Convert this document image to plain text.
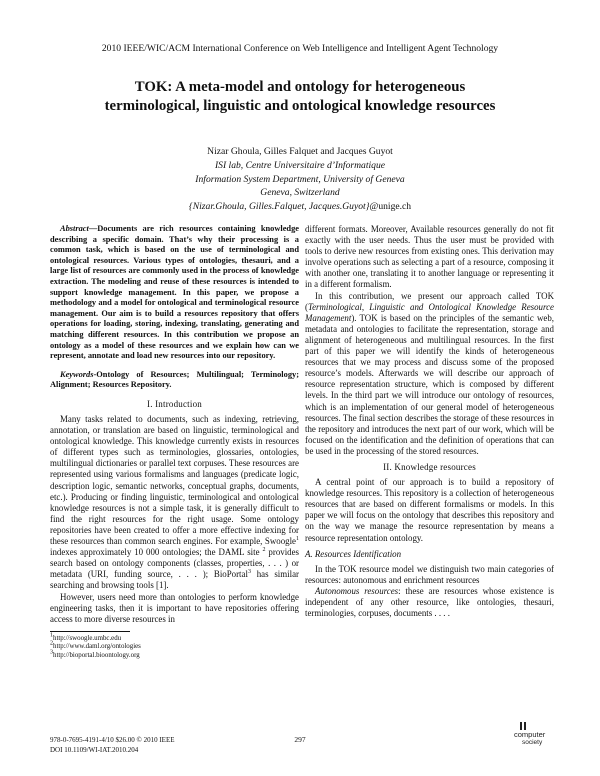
2010 IEEE/WIC/ACM International Conference on Web Intelligence and Intelligent Agent Technology
TOK: A meta-model and ontology for heterogeneous
terminological, linguistic and ontological knowledge resources
Nizar Ghoula, Gilles Falquet and Jacques Guyot
ISI lab, Centre Universitaire d’Informatique
Information System Department, University of Geneva
Geneva, Switzerland
{Nizar.Ghoula, Gilles.Falquet, Jacques.Guyot}@unige.ch

Abstract—Documents are rich resources containing knowledge describing a specific domain. That’s why their processing is a common task, which is based on the use of terminological and ontological resources. Various types of ontologies, thesauri, and a large list of resources are commonly used in the process of knowledge extraction. The modeling and reuse of these resources is intended to support knowledge management. In this paper, we propose a methodology and a model for ontological and terminological resource management. Our aim is to build a resources repository that offers operations for loading, storing, indexing, translating, generating and matching different resources. In this contribution we propose an ontology as a model of these resources and we explain how can we represent, annotate and load new resources into our repository.

Keywords-Ontology of Resources; Multilingual; Terminology; Alignment; Resources Repository.

I. Introduction

Many tasks related to documents, such as indexing, retrieving, annotation, or translation are based on linguistic, terminological and ontological knowledge. This knowledge currently exists in resources of different types such as terminologies, glossaries, ontologies, multilingual dictionaries or parallel text corpuses. These resources are represented using various formalisms and languages (predicate logic, description logic, semantic networks, conceptual graphs, documents, etc.). Producing or finding linguistic, terminological and ontological knowledge resources is not a simple task, it is generally difficult to find the right resources for the right usage. Some ontology repositories have been created to offer a more effective indexing for these resources than common search engines. For example, Swoogle$^1$ indexes approximately 10 000 ontologies; the DAML site $^2$ provides search based on ontology components (classes, properties, . . . ) or metadata (URI, funding source, . . . ); BioPortal$^3$ has similar searching and browsing tools [1].

However, users need more than ontologies to perform knowledge engineering tasks, then it is important to have repositories offering access to more diverse resources in

$^1$http://swoogle.umbc.edu

$^2$http://www.daml.org/ontologies

$^3$http://bioportal.bioontology.org

different formats. Moreover, Available resources generally do not fit exactly with the user needs. Thus the user must be provided with tools to derive new resources from existing ones. This derivation may involve operations such as selecting a part of a resource, composing it with another one, translating it to another language or representing it in a different formalism.

In this contribution, we present our approach called TOK (Terminological, Linguistic and Ontological Knowledge Resource Management). TOK is based on the principles of the semantic web, metadata and ontologies to facilitate the representation, storage and alignment of heterogeneous and multilingual resources. In the first part of this paper we will identify the kinds of heterogeneous resources that we may process and discuss some of the proposed resource’s models. Afterwards we will describe our approach of resource representation structure, which is composed by different levels. In the third part we will introduce our ontology of resources, which is an implementation of our general model of heterogeneous resources. The final section describes the storage of these resources in the repository and introduces the next part of our work, which will be focused on the identification and the definition of operations that can be used in the processing of the stored resources.

II. Knowledge resources

A central point of our approach is to build a repository of knowledge resources. This repository is a collection of heterogeneous resources that are based on different formalisms or models. In this paper we will focus on the ontology that describes this repository and on the way we manage the resource representation by means a resource representation ontology.

A. Resources Identification

In the TOK resource model we distinguish two main categories of resources: autonomous and enrichment resources

Autonomous resources: these are resources whose existence is independent of any other resource, like ontologies, thesauri, terminologies, corpuses, documents . . . .

978-0-7695-4191-4/10 $26.00 © 2010 IEEE
DOI 10.1109/WI-IAT.2010.204
297
computer
society
